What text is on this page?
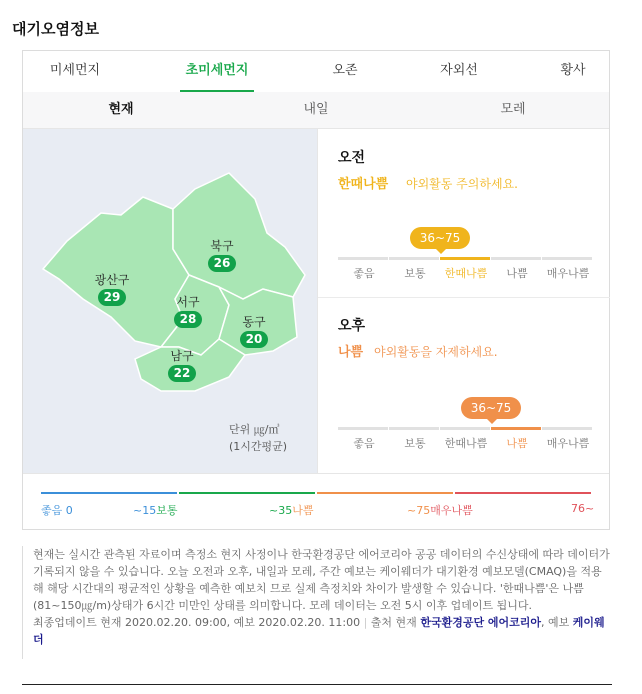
대기오염정보
미세먼지	초미세먼지	오존	자외선	황사
현재	내일	모레
광산구
29
북구
26
서구
28	동구
20
남구
22
단위 ㎍/㎥
(1시간평균)
오전
한때나쁨 야외활동 주의하세요.
좋음	보통	한때나쁨	나쁨	매우나쁨
36~75
오후
나쁨 야외활동을 자제하세요.
좋음	보통	한때나쁨	나쁨	매우나쁨
36~75
좋음 0	~15보통	~35나쁨	~75매우나쁨	76~

현재는 실시간 관측된 자료이며 측정소 현지 사정이나 한국환경공단 에어코리아 공공 데이터의 수신상태에 따라 데이터가 기록되지 않을 수 있습니다. 오늘 오전과 오후, 내일과 모레, 주간 예보는 케이웨더가 대기환경 예보모델(CMAQ)을 적용해 해당 시간대의 평균적인 상황을 예측한 예보치 므로 실제 측정치와 차이가 발생할 수 있습니다. '한때나쁨'은 나쁨(81~150㎍/m)상태가 6시간 미만인 상태를 의미합니다. 모레 데이터는 오전 5시 이후 업데이트 됩니다.

최종업데이트 현재 2020.02.20. 09:00, 예보 2020.02.20. 11:00 | 출처 현재 한국환경공단 에어코리아, 예보 케이웨더
